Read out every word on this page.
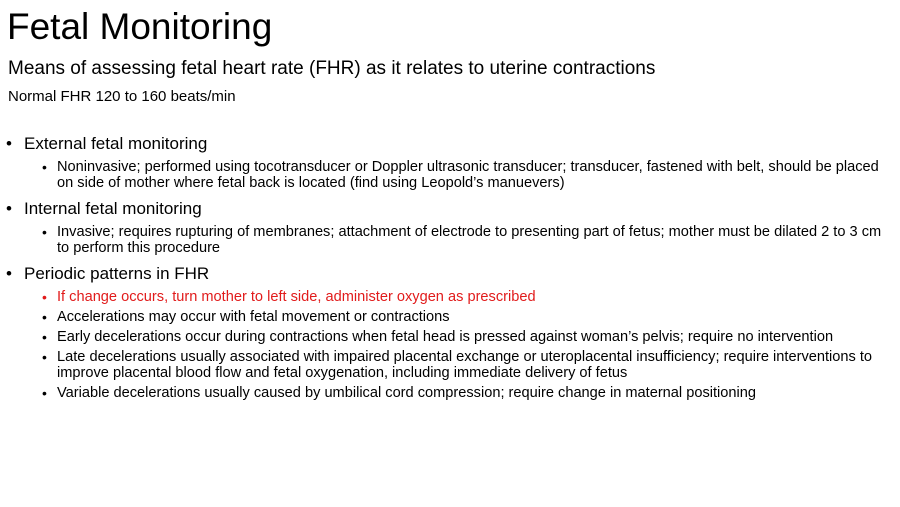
Fetal Monitoring
Means of assessing fetal heart rate (FHR) as it relates to uterine contractions
Normal FHR 120 to 160 beats/min
• External fetal monitoring
• Noninvasive; performed using tocotransducer or Doppler ultrasonic transducer; transducer, fastened with belt, should be placed on side of mother where fetal back is located (find using Leopold’s manuevers)
• Internal fetal monitoring
• Invasive; requires rupturing of membranes; attachment of electrode to presenting part of fetus; mother must be dilated 2 to 3 cm to perform this procedure
• Periodic patterns in FHR
• If change occurs, turn mother to left side, administer oxygen as prescribed
• Accelerations may occur with fetal movement or contractions
• Early decelerations occur during contractions when fetal head is pressed against woman’s pelvis; require no intervention
• Late decelerations usually associated with impaired placental exchange or uteroplacental insufficiency; require interventions to improve placental blood flow and fetal oxygenation, including immediate delivery of fetus
• Variable decelerations usually caused by umbilical cord compression; require change in maternal positioning
